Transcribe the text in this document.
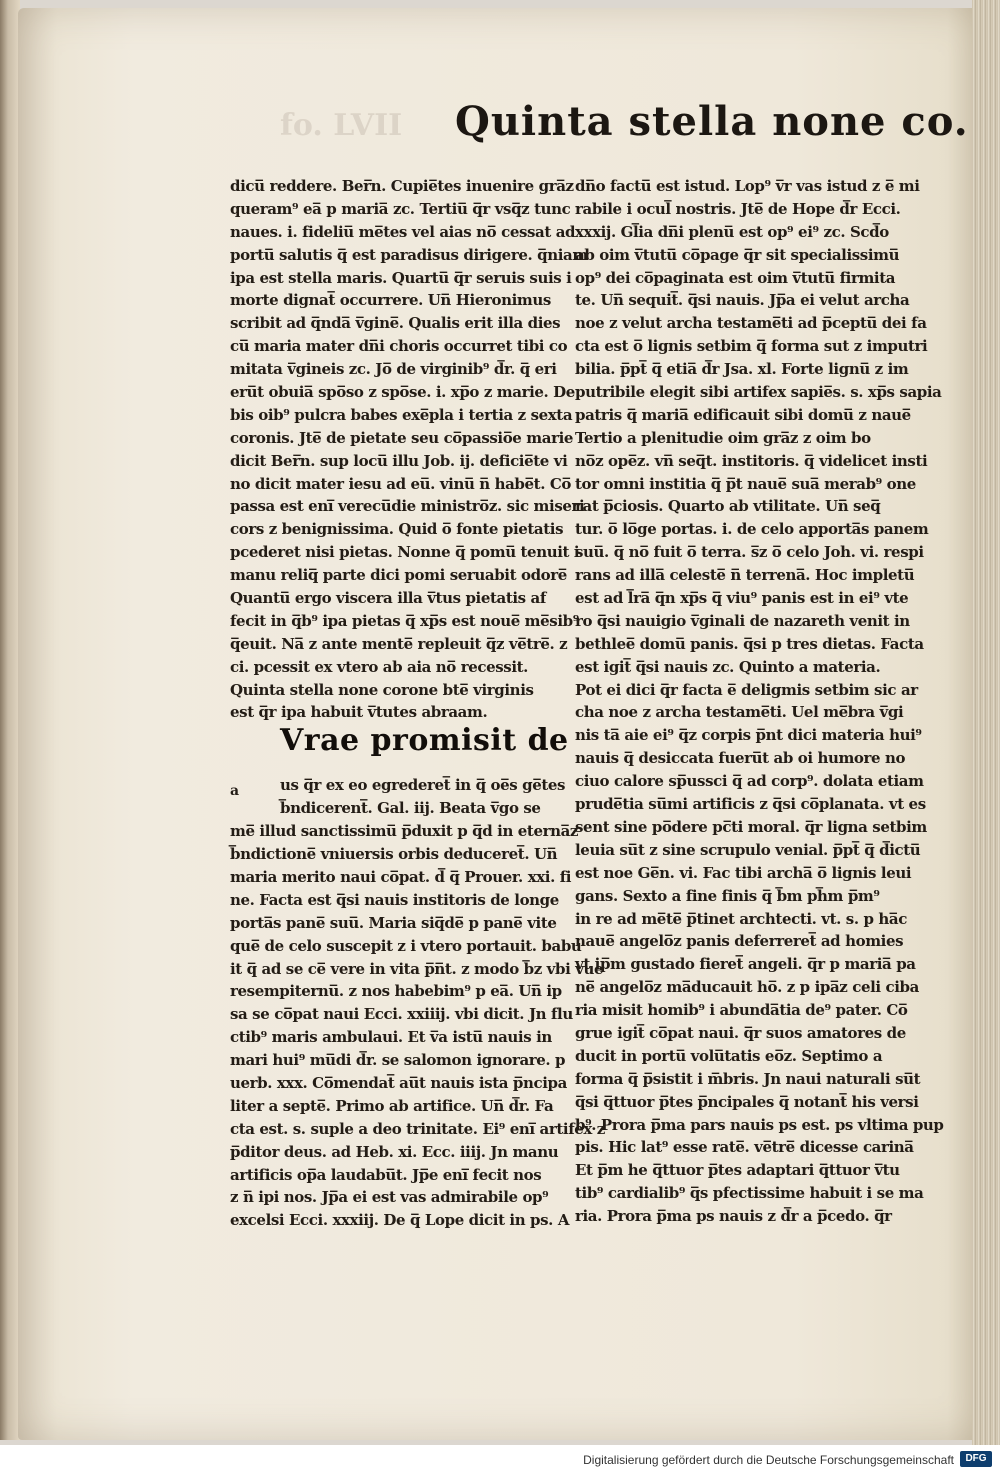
fo. LVII Quinta stella none co.
dicu̅ reddere. Ber̅n. Cupie̅tes inuenire gra̅z
queram⁹ ea̅ p maria̅ zc. Tertiu̅ q̅r vsq̅z tunc
naues. i. fideliu̅ me̅tes vel aias no̅ cessat ad
portu̅ salutis q̅ est paradisus dirigere. q̅niam
ipa est stella maris. Quartu̅ q̅r seruis suis i
morte dignat̅ occurrere. Un̅ Hieronimus
scribit ad q̅nda̅ v̅gine̅. Qualis erit illa dies
cu̅ maria mater dn̅i choris occurret tibi co
mitata v̅gineis zc. Jo̅ de virginib⁹ d̅r. q̅ eri
eru̅t obuia̅ spo̅so z spo̅se. i. xp̅o z marie. De
bis oib⁹ pulcra babes exe̅pla i tertia z sexta
coronis. Jte̅ de pietate seu co̅passio̅e marie
dicit Ber̅n. sup locu̅ illu Job. ij. deficie̅te vi
no dicit mater iesu ad eu̅. vinu̅ n̅ habe̅t. Co̅
passa est eni̅ verecu̅die ministro̅z. sic miseri
cors z benignissima. Quid o̅ fonte pietatis
pcederet nisi pietas. Nonne q̅ pomu̅ tenuit i
manu reliq̅ parte dici pomi seruabit odore̅
Quantu̅ ergo viscera illa v̅tus pietatis af
fecit in q̅b⁹ ipa pietas q̅ xp̅s est noue̅ me̅sib⁹
q̅euit. Na̅ z ante mente̅ repleuit q̅z ve̅tre̅. z
ci. pcessit ex vtero ab aia no̅ recessit.
Quinta stella none corone bte̅ virginis
est q̅r ipa habuit v̅tutes abraam.
Vrae promisit de
a	us q̅r ex eo egrederet̅ in q̅ oe̅s ge̅tes
b̅ndicerent̅. Gal. iij. Beata v̅go se
me̅ illud sanctissimu̅ p̅duxit p q̅d in eterna̅z
b̅ndictione̅ vniuersis orbis deduceret̅. Un̅
maria merito naui co̅pat. d̅ q̅ Prouer. xxi. fi
ne. Facta est q̅si nauis institoris de longe
porta̅s pane̅ suu̅. Maria siq̅de̅ p pane̅ vite
que̅ de celo suscepit z i vtero portauit. babu
it q̅ ad se ce̅ vere in vita p̅n̅t. z modo b̅z vbi vue
resempiternu̅. z nos habebim⁹ p ea̅. Un̅ ip
sa se co̅pat naui Ecci. xxiiij. vbi dicit. Jn flu
ctib⁹ maris ambulaui. Et v̅a istu̅ nauis in
mari hui⁹ mu̅di d̅r. se salomon ignorare. p
uerb. xxx. Co̅mendat̅ au̅t nauis ista p̅ncipa
liter a septe̅. Primo ab artifice. Un̅ d̅r. Fa
cta est. s. suple a deo trinitate. Ei⁹ eni̅ artifex z
p̅ditor deus. ad Heb. xi. Ecc. iiij. Jn manu
artificis op̅a laudabu̅t. Jp̅e eni̅ fecit nos
z n̅ ipi nos. Jp̅a ei est vas admirabile op⁹
excelsi Ecci. xxxiij. De q̅ Lope dicit in ps. A
dn̅o factu̅ est istud. Lop⁹ v̅r vas istud z e̅ mi
rabile i ocul̅ nostris. Jte̅ de Hope d̅r Ecci.
xxxij. Gl̅ia dn̅i plenu̅ est op⁹ ei⁹ zc. Scd̅o
ab oim v̅tutu̅ co̅page q̅r sit specialissimu̅
op⁹ dei co̅paginata est oim v̅tutu̅ firmita
te. Un̅ sequit̅. q̅si nauis. Jp̅a ei velut archa
noe z velut archa testame̅ti ad p̅ceptu̅ dei fa
cta est o̅ lignis setbim q̅ forma sut z imputri
bilia. p̅pt̅ q̅ etia̅ d̅r Jsa. xl. Forte lignu̅ z im
putribile elegit sibi artifex sapie̅s. s. xp̅s sapia
patris q̅ maria̅ edificauit sibi domu̅ z naue̅
Tertio a plenitudie oim gra̅z z oim bo
no̅z ope̅z. vn̅ seq̅t. institoris. q̅ videlicet insti
tor omni institia q̅ p̅t naue̅ sua̅ merab⁹ one
rat p̅ciosis. Quarto ab vtilitate. Un̅ seq̅
tur. o̅ lo̅ge portas. i. de celo apporta̅s panem
suu̅. q̅ no̅ fuit o̅ terra. s̅z o̅ celo Joh. vi. respi
rans ad illa̅ celeste̅ n̅ terrena̅. Hoc impletu̅
est ad l̅ra̅ q̅n xp̅s q̅ viu⁹ panis est in ei⁹ vte
ro q̅si nauigio v̅ginali de nazareth venit in
bethlee̅ domu̅ panis. q̅si p tres dietas. Facta
est igit̅ q̅si nauis zc. Quinto a materia.
Pot ei dici q̅r facta e̅ deligmis setbim sic ar
cha noe z archa testame̅ti. Uel me̅bra v̅gi
nis ta̅ aie ei⁹ q̅z corpis p̅nt dici materia hui⁹
nauis q̅ desiccata fueru̅t ab oi humore no
ciuo calore sp̅ussci q̅ ad corp⁹. dolata etiam
prude̅tia su̅mi artificis z q̅si co̅planata. vt es
sent sine po̅dere pc̅ti moral. q̅r ligna setbim
leuia su̅t z sine scrupulo venial. p̅pt̅ q̅ d̅ictu̅
est noe Ge̅n. vi. Fac tibi archa̅ o̅ lignis leui
gans. Sexto a fine finis q̅ b̅m ph̅m p̅m⁹
in re ad me̅te̅ p̅tinet archtecti. vt. s. p ha̅c
naue̅ angelo̅z panis deferreret̅ ad homies
vt ip̅m gustado fieret̅ angeli. q̅r p maria̅ pa
ne̅ angelo̅z ma̅ducauit ho̅. z p ipa̅z celi ciba
ria misit homib⁹ i abunda̅tia de⁹ pater. Co̅
grue igit̅ co̅pat naui. q̅r suos amatores de
ducit in portu̅ volu̅tatis eo̅z. Septimo a
forma q̅ p̅sistit i m̅bris. Jn naui naturali su̅t
q̅si q̅ttuor p̅tes p̅ncipales q̅ notant̅ his versi
b⁹. Prora p̅ma pars nauis ps est. ps vltima pup
pis. Hic lat⁹ esse rate̅. ve̅tre̅ dicesse carina̅
Et p̅m he q̅ttuor p̅tes adaptari q̅ttuor v̅tu
tib⁹ cardialib⁹ q̅s pfectissime habuit i se ma
ria. Prora p̅ma ps nauis z d̅r a p̅cedo. q̅r
Digitalisierung gefördert durch die Deutsche Forschungsgemeinschaft	DFG
